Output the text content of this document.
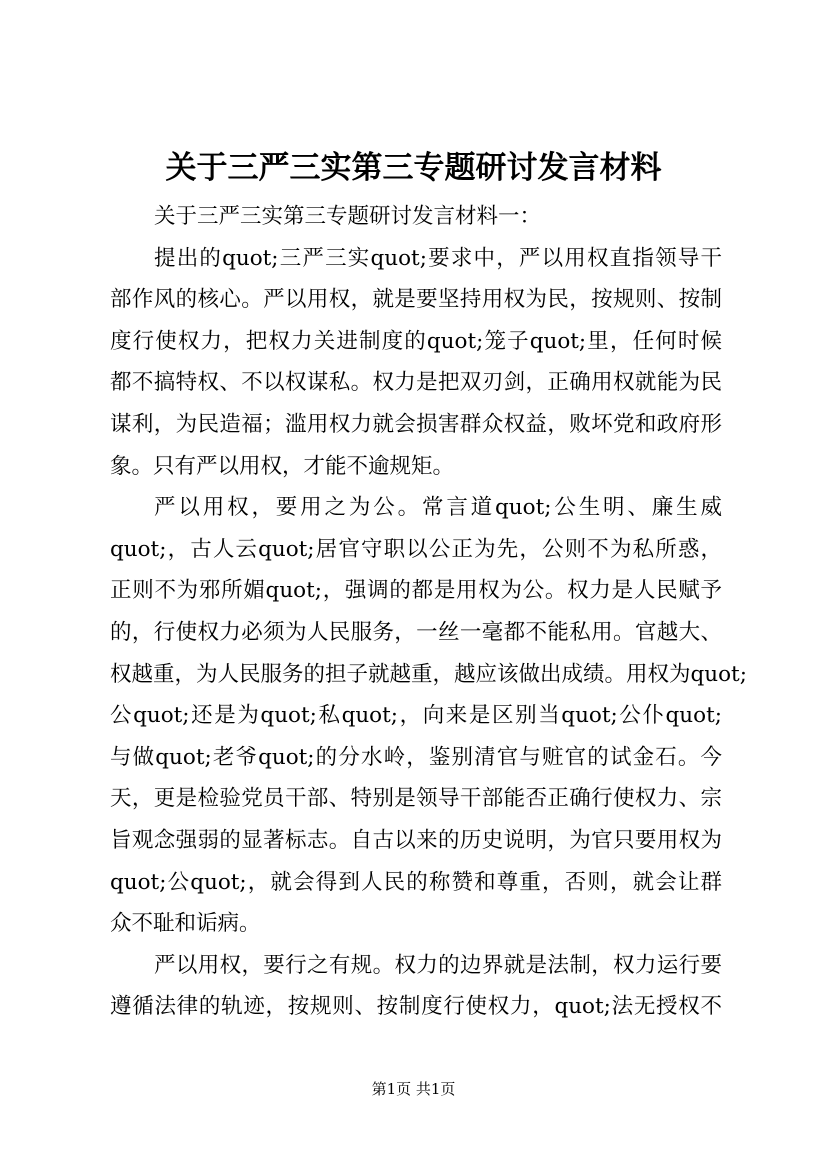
关于三严三实第三专题研讨发言材料
关于三严三实第三专题研讨发言材料一：
提出的quot;三严三实quot;要求中，严以用权直指领导干
部作风的核心。严以用权，就是要坚持用权为民，按规则、按制
度行使权力，把权力关进制度的quot;笼子quot;里，任何时候
都不搞特权、不以权谋私。权力是把双刃剑，正确用权就能为民
谋利，为民造福；滥用权力就会损害群众权益，败坏党和政府形
象。只有严以用权，才能不逾规矩。
严以用权，要用之为公。常言道quot;公生明、廉生威
quot;，古人云quot;居官守职以公正为先，公则不为私所惑，
正则不为邪所媚quot;，强调的都是用权为公。权力是人民赋予
的，行使权力必须为人民服务，一丝一毫都不能私用。官越大、
权越重，为人民服务的担子就越重，越应该做出成绩。用权为quot;
公quot;还是为quot;私quot;，向来是区别当quot;公仆quot;
与做quot;老爷quot;的分水岭，鉴别清官与赃官的试金石。今
天，更是检验党员干部、特别是领导干部能否正确行使权力、宗
旨观念强弱的显著标志。自古以来的历史说明，为官只要用权为
quot;公quot;，就会得到人民的称赞和尊重，否则，就会让群
众不耻和诟病。
严以用权，要行之有规。权力的边界就是法制，权力运行要
遵循法律的轨迹，按规则、按制度行使权力，quot;法无授权不
第1页 共1页
